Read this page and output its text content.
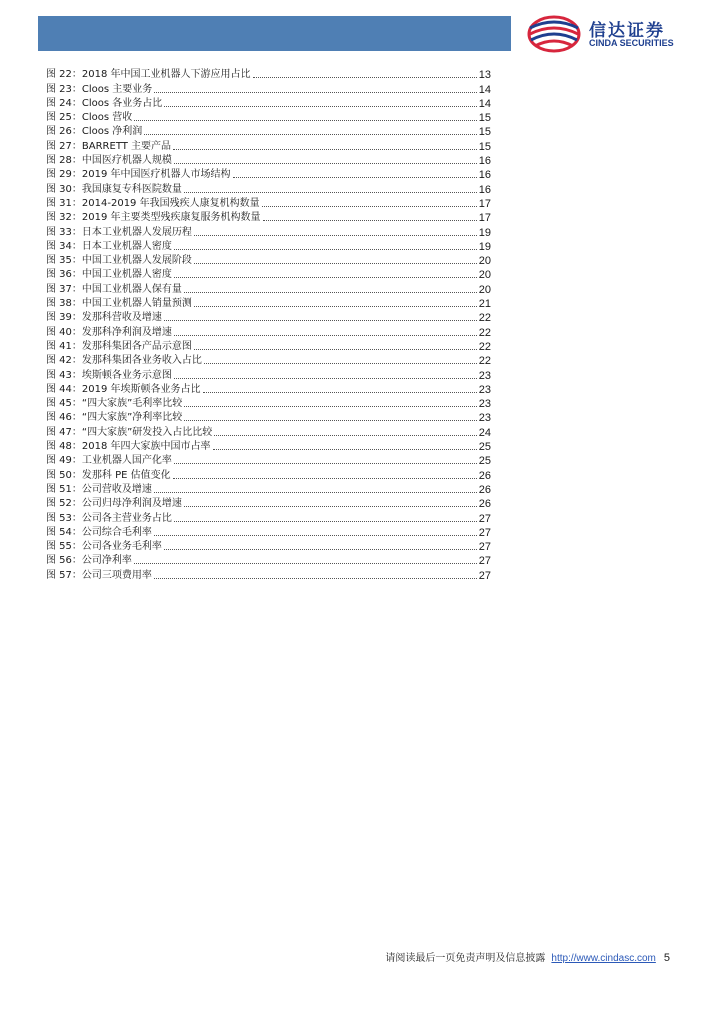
信达证券
CINDA SECURITIES
图 22： 2018 年中国工业机器人下游应用占比	13
图 23： Cloos 主要业务	14
图 24： Cloos 各业务占比	14
图 25： Cloos 营收	15
图 26： Cloos 净利润	15
图 27： BARRETT 主要产品	15
图 28： 中国医疗机器人规模	16
图 29： 2019 年中国医疗机器人市场结构	16
图 30： 我国康复专科医院数量	16
图 31： 2014-2019 年我国残疾人康复机构数量	17
图 32： 2019 年主要类型残疾康复服务机构数量	17
图 33： 日本工业机器人发展历程	19
图 34： 日本工业机器人密度	19
图 35： 中国工业机器人发展阶段	20
图 36： 中国工业机器人密度	20
图 37： 中国工业机器人保有量	20
图 38： 中国工业机器人销量预测	21
图 39： 发那科营收及增速	22
图 40： 发那科净利润及增速	22
图 41： 发那科集团各产品示意图	22
图 42： 发那科集团各业务收入占比	22
图 43： 埃斯顿各业务示意图	23
图 44： 2019 年埃斯顿各业务占比	23
图 45： “四大家族”毛利率比较	23
图 46： “四大家族”净利率比较	23
图 47： “四大家族”研发投入占比比较	24
图 48： 2018 年四大家族中国市占率	25
图 49： 工业机器人国产化率	25
图 50： 发那科 PE 估值变化	26
图 51： 公司营收及增速	26
图 52： 公司归母净利润及增速	26
图 53： 公司各主营业务占比	27
图 54： 公司综合毛利率	27
图 55： 公司各业务毛利率	27
图 56： 公司净利率	27
图 57： 公司三项费用率	27
请阅读最后一页免责声明及信息披露 http://www.cindasc.com 5
